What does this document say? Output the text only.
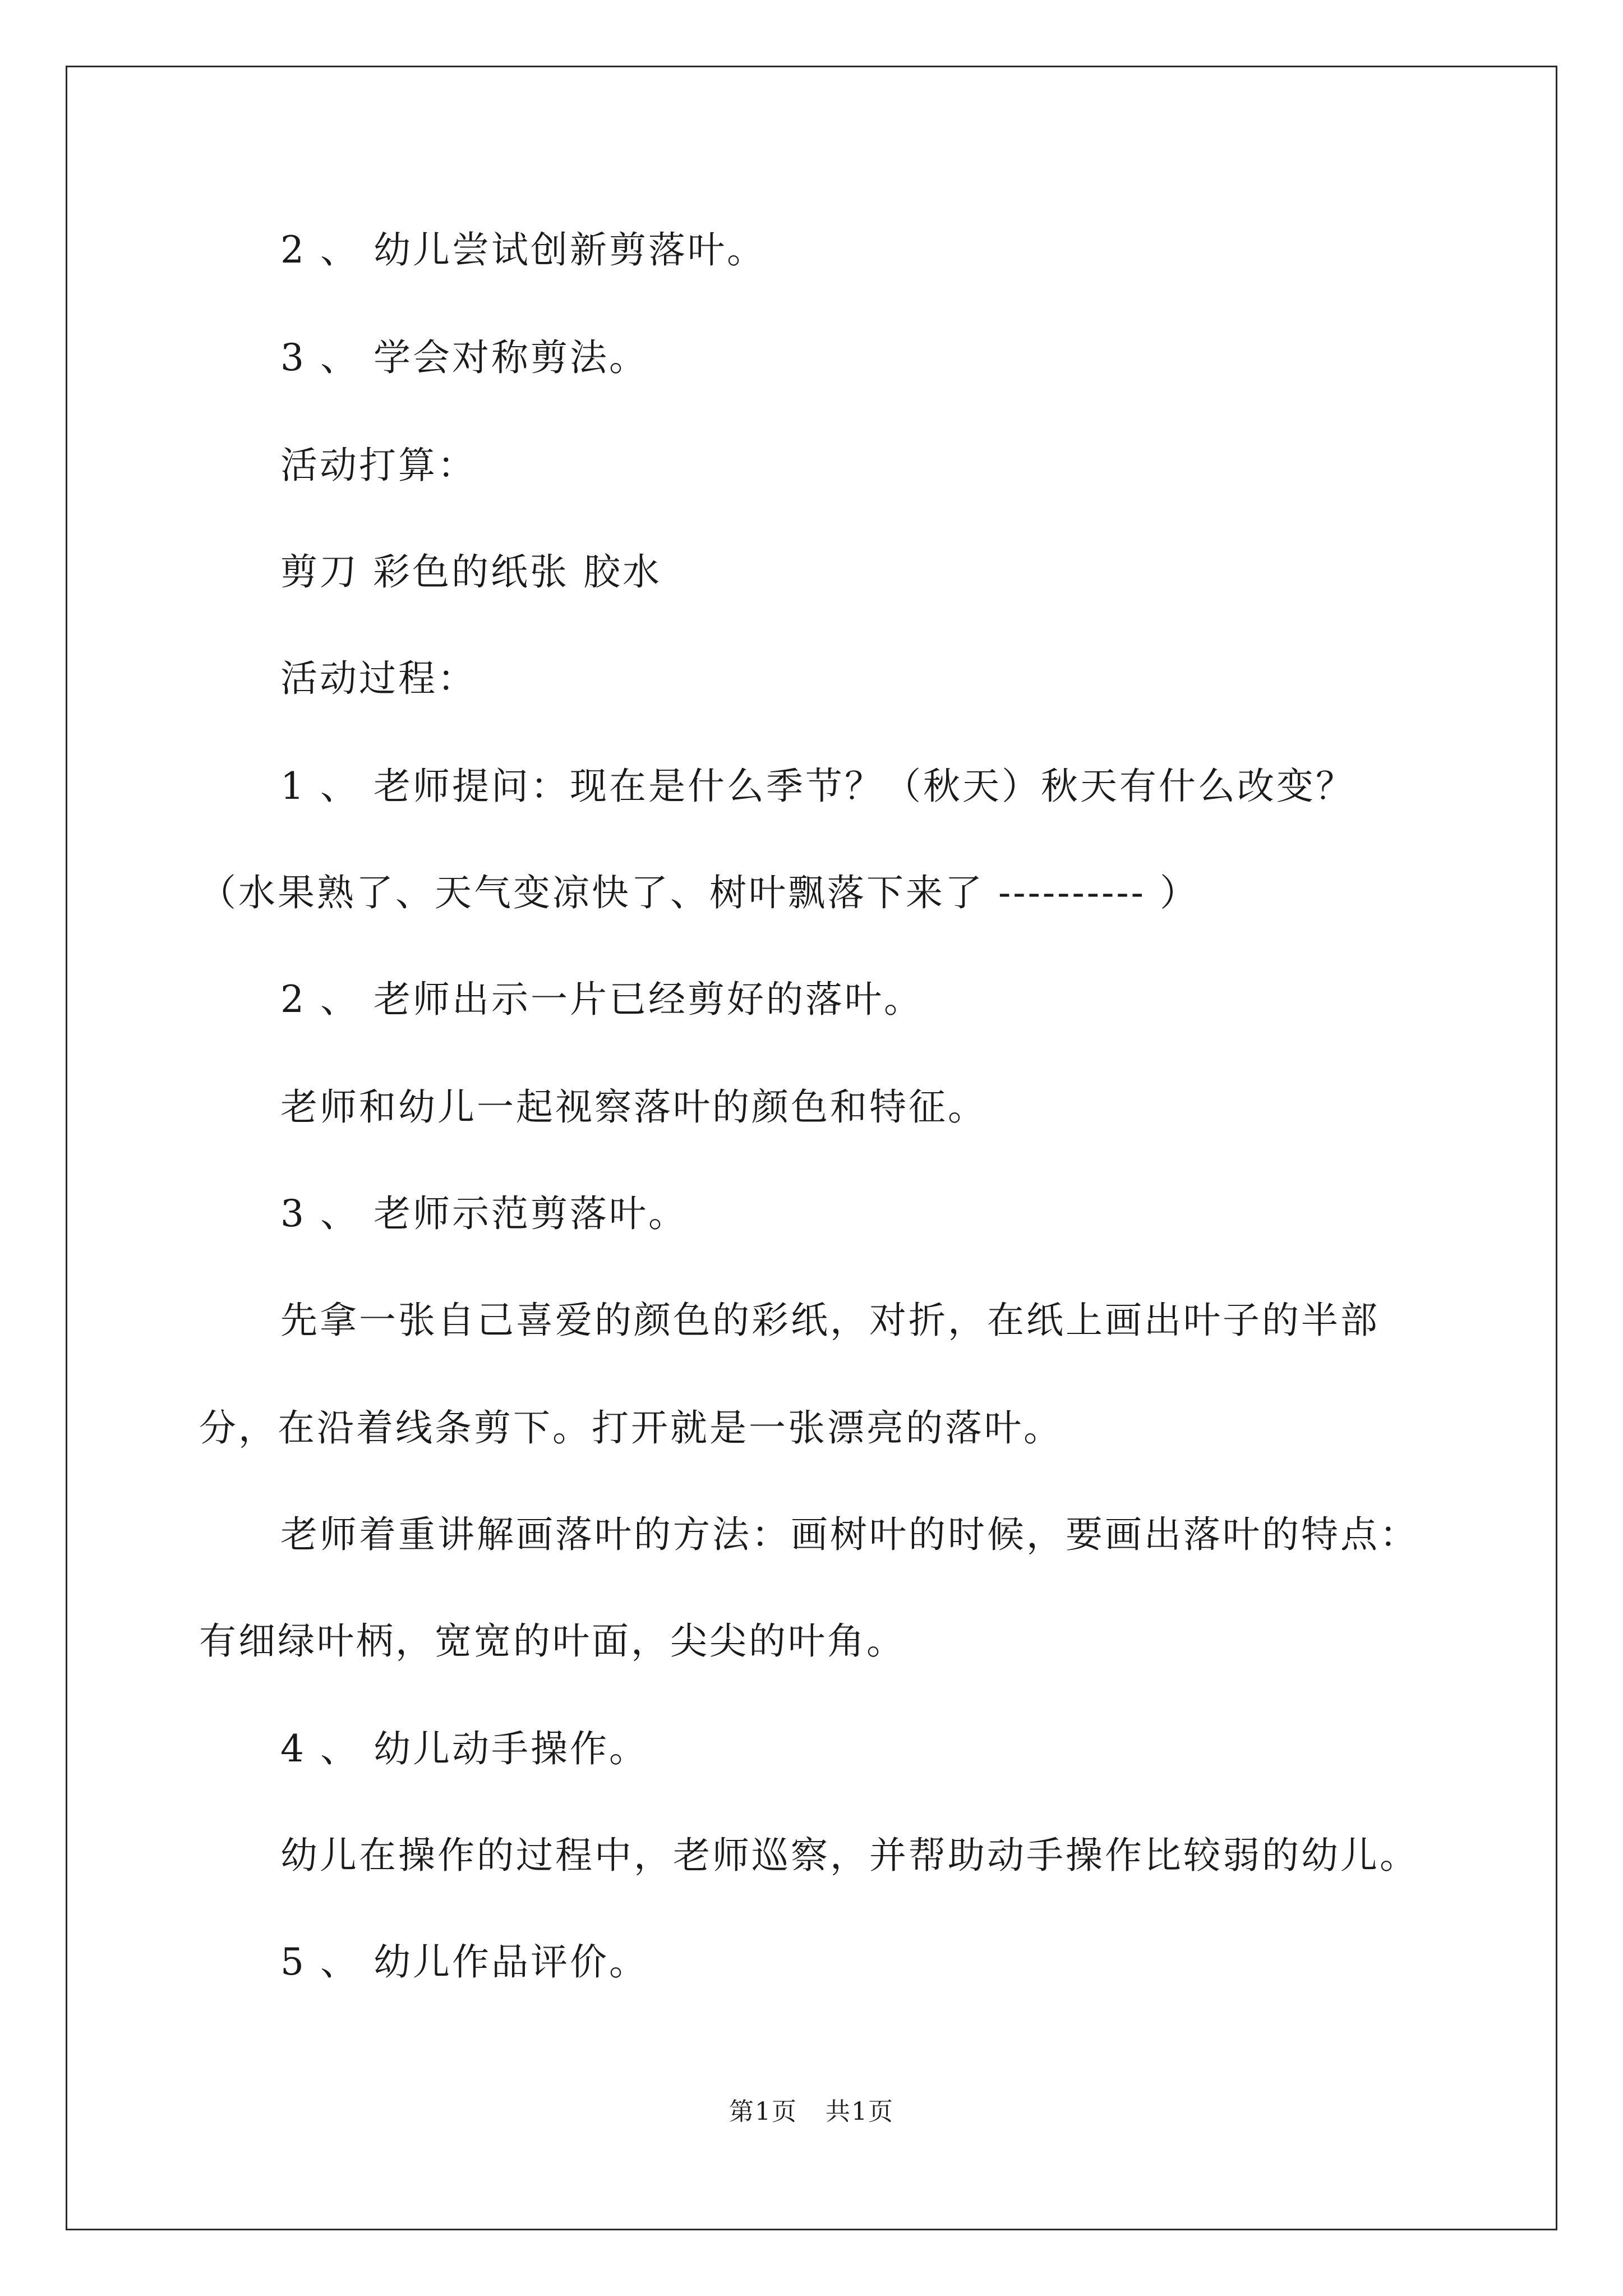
2 、 幼儿尝试创新剪落叶。
3 、 学会对称剪法。
活动打算：
剪刀 彩色的纸张 胶水
活动过程：
1 、 老师提问：现在是什么季节？（秋天）秋天有什么改变？
（水果熟了、天气变凉快了、树叶飘落下来了 ---------- ）
2 、 老师出示一片已经剪好的落叶。
老师和幼儿一起视察落叶的颜色和特征。
3 、 老师示范剪落叶。
先拿一张自己喜爱的颜色的彩纸，对折，在纸上画出叶子的半部
分，在沿着线条剪下。打开就是一张漂亮的落叶。
老师着重讲解画落叶的方法：画树叶的时候，要画出落叶的特点：
有细绿叶柄，宽宽的叶面，尖尖的叶角。
4 、 幼儿动手操作。
幼儿在操作的过程中，老师巡察，并帮助动手操作比较弱的幼儿。
5 、 幼儿作品评价。
第1页 共1页
